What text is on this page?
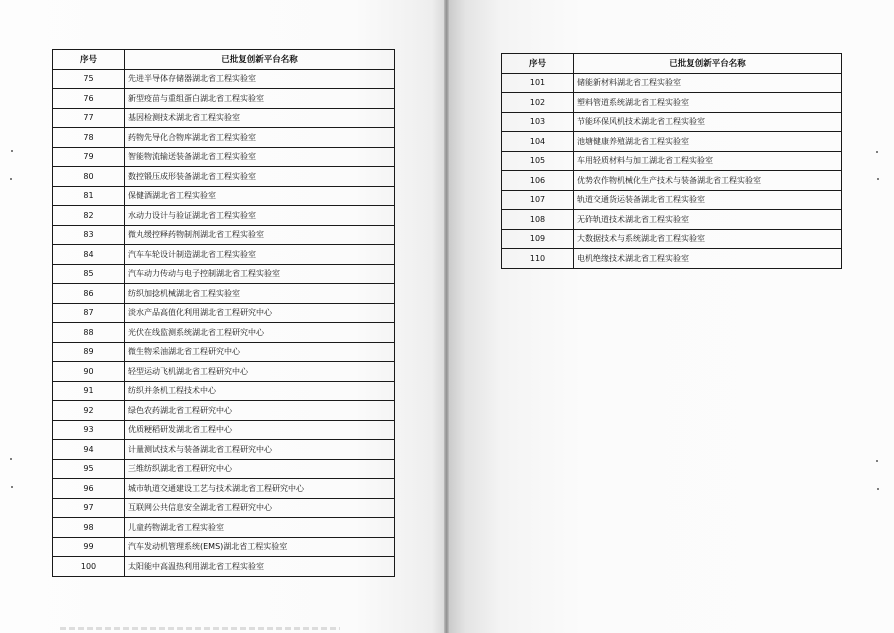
序号	已批复创新平台名称
75	先进半导体存储器湖北省工程实验室
76	新型疫苗与重组蛋白湖北省工程实验室
77	基因检测技术湖北省工程实验室
78	药物先导化合物库湖北省工程实验室
79	智能物流输送装备湖北省工程实验室
80	数控锻压成形装备湖北省工程实验室
81	保健酒湖北省工程实验室
82	水动力设计与验证湖北省工程实验室
83	微丸缓控释药物制剂湖北省工程实验室
84	汽车车轮设计制造湖北省工程实验室
85	汽车动力传动与电子控制湖北省工程实验室
86	纺织加捻机械湖北省工程实验室
87	淡水产品高值化利用湖北省工程研究中心
88	光伏在线监测系统湖北省工程研究中心
89	微生物采油湖北省工程研究中心
90	轻型运动飞机湖北省工程研究中心
91	纺织并条机工程技术中心
92	绿色农药湖北省工程研究中心
93	优质粳稻研发湖北省工程中心
94	计量测试技术与装备湖北省工程研究中心
95	三维纺织湖北省工程研究中心
96	城市轨道交通建设工艺与技术湖北省工程研究中心
97	互联网公共信息安全湖北省工程研究中心
98	儿童药物湖北省工程实验室
99	汽车发动机管理系统(EMS)湖北省工程实验室
100	太阳能中高温热利用湖北省工程实验室
序号	已批复创新平台名称
101	储能新材料湖北省工程实验室
102	塑料管道系统湖北省工程实验室
103	节能环保风机技术湖北省工程实验室
104	池塘健康养殖湖北省工程实验室
105	车用轻质材料与加工湖北省工程实验室
106	优势农作物机械化生产技术与装备湖北省工程实验室
107	轨道交通货运装备湖北省工程实验室
108	无砟轨道技术湖北省工程实验室
109	大数据技术与系统湖北省工程实验室
110	电机绝缘技术湖北省工程实验室
